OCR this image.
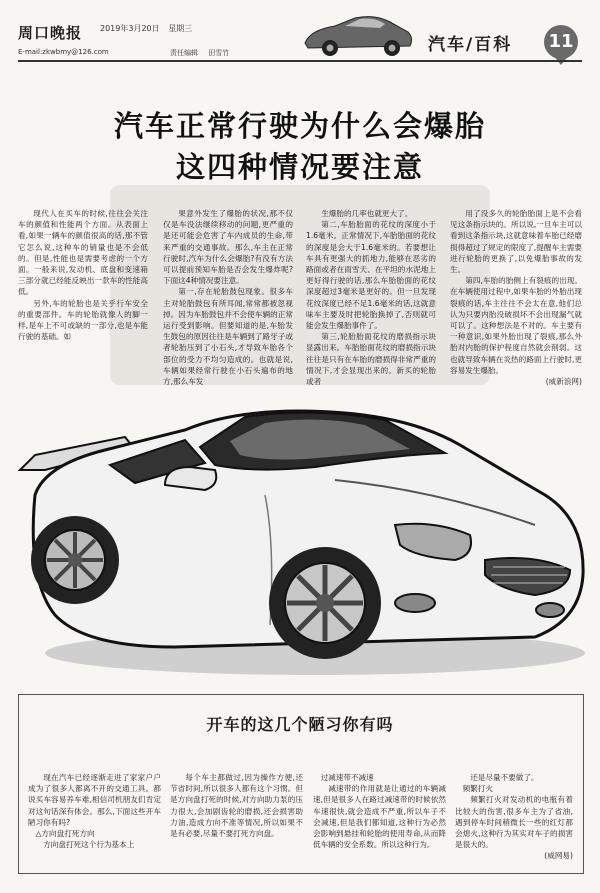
周口晚报 2019年3月20日 星期三
E-mail:zkwbmy@126.com	责任编辑 田雪竹	汽车/百科 11
汽车正常行驶为什么会爆胎
这四种情况要注意

现代人在买车的时候,往往会关注车的颜值和性能两个方面。从表面上看,如果一辆车的颜值很高的话,那不管它怎么说,这种车的销量也是不会低的。但是,性能也是需要考虑的一个方面。一般来说,发动机、底盘和变速箱三部分就已经能反映出一款车的性能高低。

另外,车的轮胎也是关乎行车安全的重要部件。车的轮胎就像人的脚一样,是车上不可或缺的一部分,也是车能行驶的基础。如

果意外发生了爆胎的状况,那不仅仅是车没法继续移动的问题,更严重的是还可能会危害了车内成员的生命,带来严重的交通事故。那么,车主在正常行驶时,汽车为什么会爆胎?有没有方法可以提前预知车胎是否会发生爆炸呢?下面这4种情况要注意。

第一,存在轮胎鼓包现象。很多车主对轮胎鼓包有所耳闻,常常都被忽视掉。因为车胎鼓包并不会使车辆的正常运行受到影响。但要知道的是,车胎发生鼓包的原因往往是车辆到了路牙子或者轮胎压到了小石头,才导致车胎各个部位的受力不均匀造成的。也就是说,车辆如果经常行驶在小石头遍布的地方,那么车发

生爆胎的几率也就更大了。

第二,车胎胎面的花纹的深度小于1.6毫米。正常情况下,车胎胎面的花纹的深度是会大于1.6毫米的。若要想让车具有更强大的抓地力,能够在恶劣的路面或者在雨雪天、在平坦的水泥地上更好得行驶的话,那么车胎胎面的花纹深度超过3毫米是更好的。但一旦发现花纹深度已经不足1.6毫米的话,这就意味车主要及时把轮胎换掉了,否则就可能会发生爆胎事件了。

第三,轮胎胎面花纹的磨损指示块显露出来。车胎胎面花纹的磨损指示块往往是只有在车胎的磨损得非常严重的情况下,才会显现出来的。新买的轮胎或者

用了没多久的轮胎胎面上是不会看见这条指示块的。所以说,一旦车主可以看到这条指示块,这就意味着车胎已经磨损得超过了规定的限度了,提醒车主需要进行轮胎的更换了,以免爆胎事故的发生。

第四,车胎的胎侧上有裂痕的出现。在车辆使用过程中,如果车胎的外胎出现裂痕的话,车主往往不会太在意,他们总认为只要内胎没破损坏不会出现漏气就可以了。这种想法是不对的。车主要有一种意识,如果外胎出现了裂痕,那么外胎对内胎的保护程度自然就会削弱。这也就导致车辆在炎热的路面上行驶时,更容易发生爆胎。

(威新浪网)
开车的这几个陋习你有吗

现在汽车已经逐渐走进了家家户户成为了很多人都离不开的交通工具。都说买车容易养车难,相信司机朋友们肯定对这句话深有体会。那么,下面这些开车陋习你有吗?

△方向盘打死方向

方向盘打死这个行为基本上

每个车主都做过,因为操作方便,还节省时间,所以很多人都有这个习惯。但是方向盘打死的时候,对方向助力泵的压力很大,会加剧齿轮的磨损,还会损害助力油,造成方向不准等情况,所以如果不是有必要,尽量不要打死方向盘。

过减速带不减速

减速带的作用就是让通过的车辆减速,但是很多人在路过减速带的时候依然车速很快,就会造成不严重,所以车子不会减速,但是我们都知道,这种行为必然会影响到悬挂和轮胎的使用寿命,从而降低车辆的安全系数。所以这种行为,

还是尽量不要做了。

频繁打火

频繁打火对发动机的电瓶有着比较大的伤害,很多车主为了省油,遇到停车时间稍微长一些的红灯都会熄火,这种行为其实对车子的损害是很大的。

(威网易)
